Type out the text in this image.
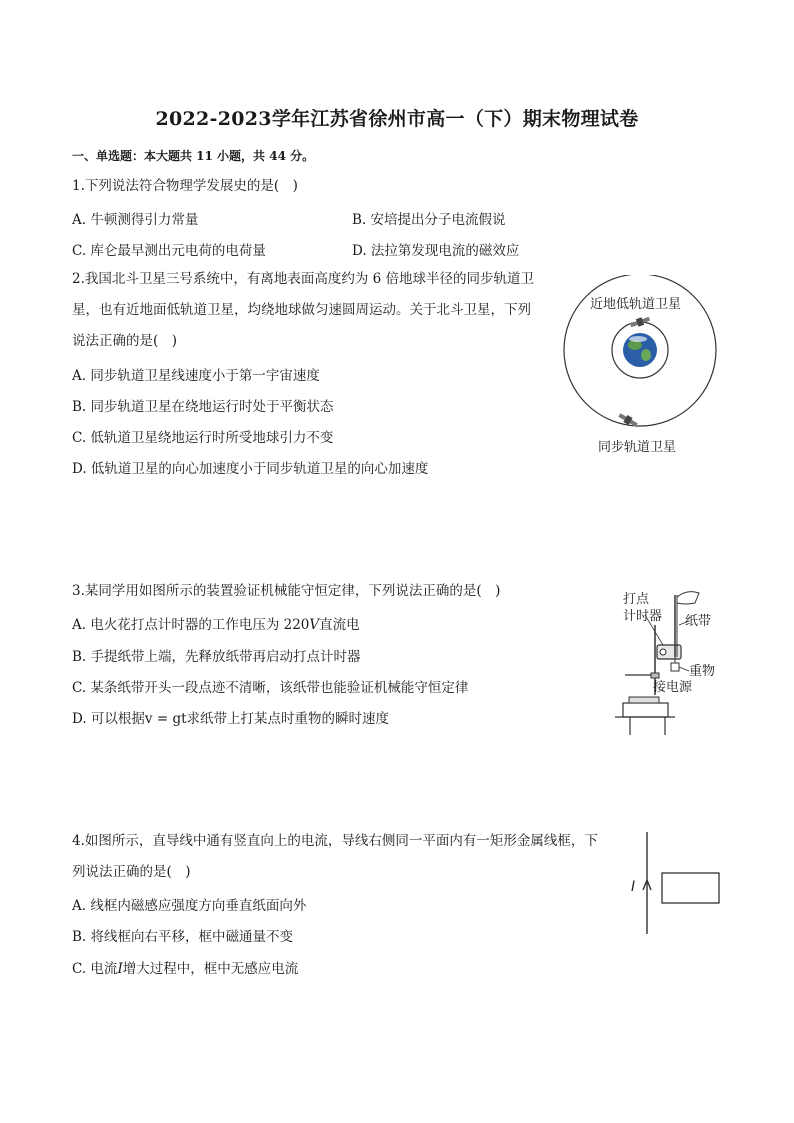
2022-2023学年江苏省徐州市高一（下）期末物理试卷
一、单选题：本大题共 11 小题，共 44 分。
1.下列说法符合物理学发展史的是(　)
A. 牛顿测得引力常量	B. 安培提出分子电流假说
C. 库仑最早测出元电荷的电荷量	D. 法拉第发现电流的磁效应
2.我国北斗卫星三号系统中，有离地表面高度约为 6 倍地球半径的同步轨道卫
星，也有近地面低轨道卫星，均绕地球做匀速圆周运动。关于北斗卫星，下列
说法正确的是(　)
A. 同步轨道卫星线速度小于第一宇宙速度
B. 同步轨道卫星在绕地运行时处于平衡状态
C. 低轨道卫星绕地运行时所受地球引力不变
D. 低轨道卫星的向心加速度小于同步轨道卫星的向心加速度
近地低轨道卫星
同步轨道卫星
3.某同学用如图所示的装置验证机械能守恒定律，下列说法正确的是(　)
A. 电火花打点计时器的工作电压为 220V直流电
B. 手提纸带上端，先释放纸带再启动打点计时器
C. 某条纸带开头一段点迹不清晰，该纸带也能验证机械能守恒定律
D. 可以根据v = gt求纸带上打某点时重物的瞬时速度
打点
计时器 纸带
重物
接电源
4.如图所示，直导线中通有竖直向上的电流，导线右侧同一平面内有一矩形金属线框，下
列说法正确的是(　)
A. 线框内磁感应强度方向垂直纸面向外
B. 将线框向右平移，框中磁通量不变
C. 电流I增大过程中，框中无感应电流
I
